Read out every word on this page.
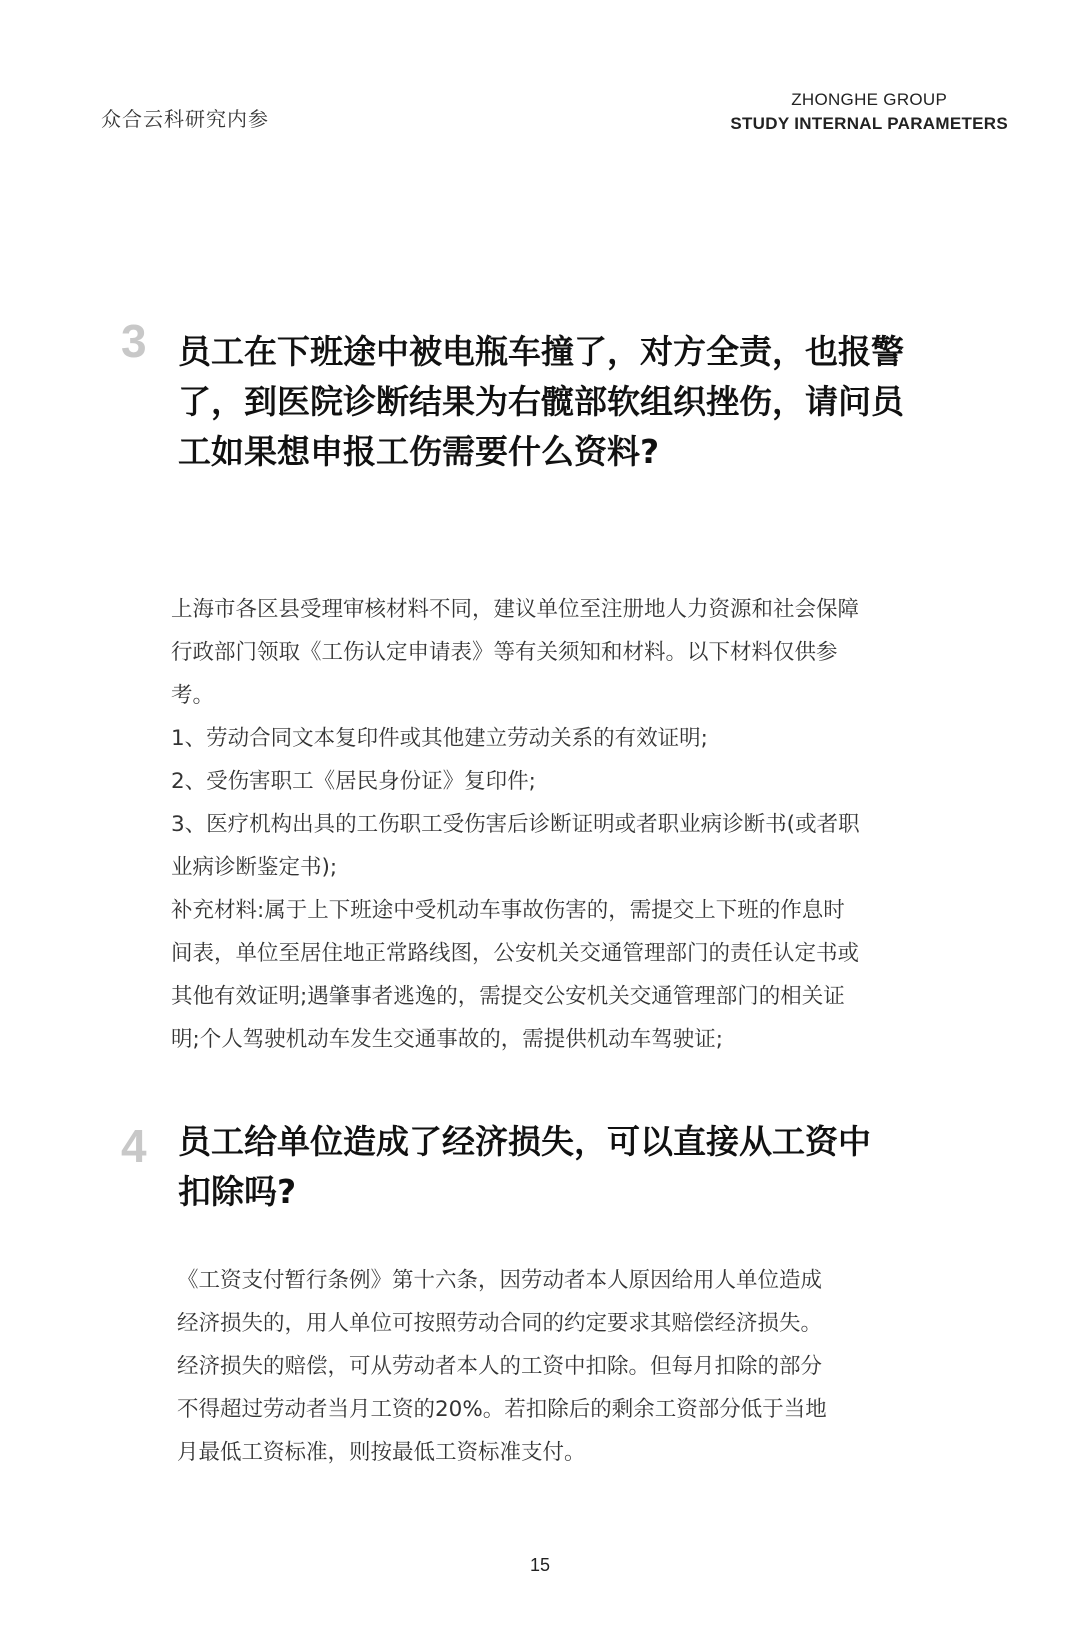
众合云科研究内参
ZHONGHE GROUP
STUDY INTERNAL PARAMETERS
3 员工在下班途中被电瓶车撞了，对方全责，也报警
了，到医院诊断结果为右髋部软组织挫伤，请问员
工如果想申报工伤需要什么资料?

上海市各区县受理审核材料不同，建议单位至注册地人力资源和社会保障

行政部门领取《工伤认定申请表》等有关须知和材料。以下材料仅供参

考。

1、劳动合同文本复印件或其他建立劳动关系的有效证明;

2、受伤害职工《居民身份证》复印件;

3、医疗机构出具的工伤职工受伤害后诊断证明或者职业病诊断书(或者职

业病诊断鉴定书);

补充材料:属于上下班途中受机动车事故伤害的，需提交上下班的作息时

间表，单位至居住地正常路线图，公安机关交通管理部门的责任认定书或

其他有效证明;遇肇事者逃逸的，需提交公安机关交通管理部门的相关证

明;个人驾驶机动车发生交通事故的，需提供机动车驾驶证;

4 员工给单位造成了经济损失，可以直接从工资中
扣除吗?

《工资支付暂行条例》第十六条，因劳动者本人原因给用人单位造成

经济损失的，用人单位可按照劳动合同的约定要求其赔偿经济损失。

经济损失的赔偿，可从劳动者本人的工资中扣除。但每月扣除的部分

不得超过劳动者当月工资的20%。若扣除后的剩余工资部分低于当地

月最低工资标准，则按最低工资标准支付。

15
